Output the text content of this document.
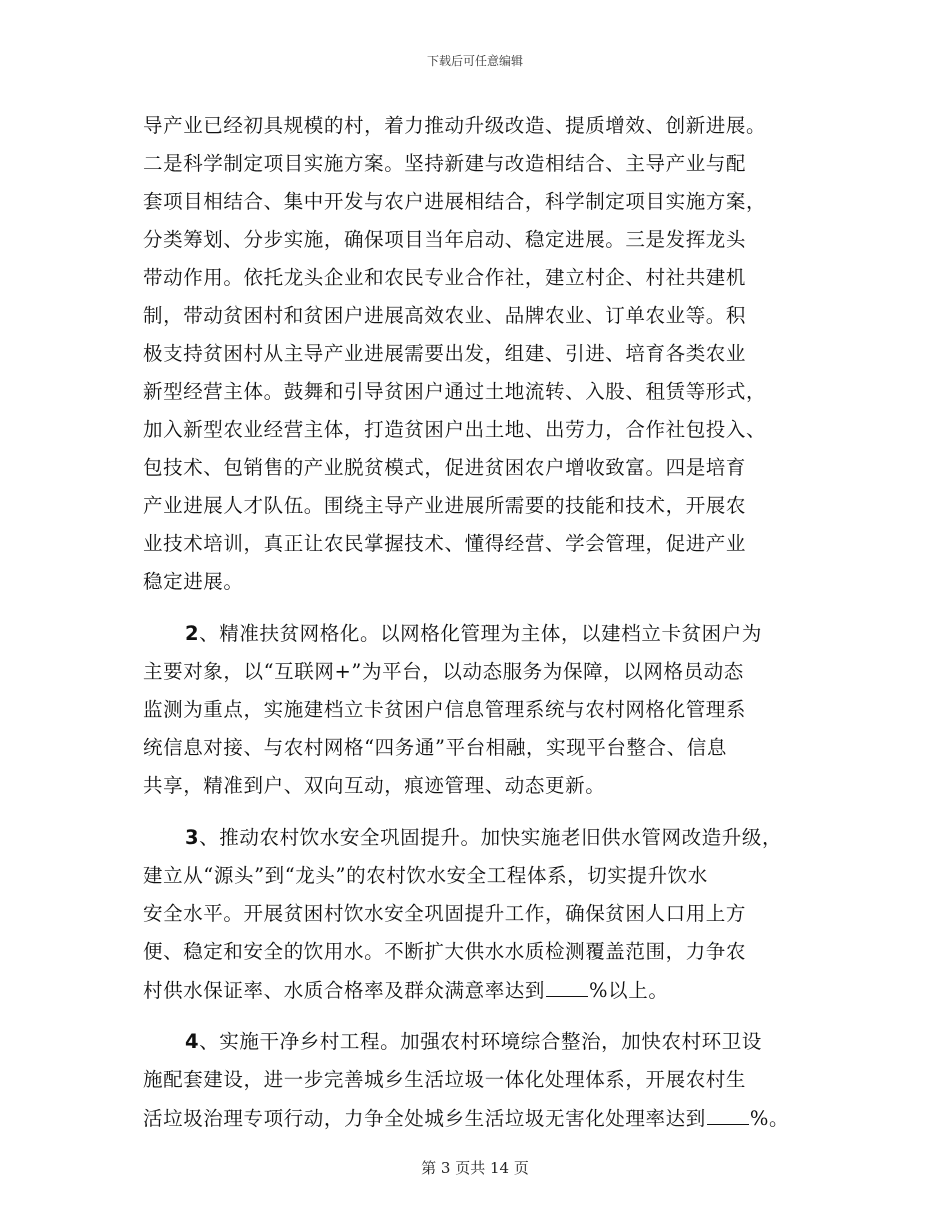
下载后可任意编辑
导产业已经初具规模的村，着力推动升级改造、提质增效、创新进展。
二是科学制定项目实施方案。坚持新建与改造相结合、主导产业与配
套项目相结合、集中开发与农户进展相结合，科学制定项目实施方案，
分类筹划、分步实施，确保项目当年启动、稳定进展。三是发挥龙头
带动作用。依托龙头企业和农民专业合作社，建立村企、村社共建机
制，带动贫困村和贫困户进展高效农业、品牌农业、订单农业等。积
极支持贫困村从主导产业进展需要出发，组建、引进、培育各类农业
新型经营主体。鼓舞和引导贫困户通过土地流转、入股、租赁等形式，
加入新型农业经营主体，打造贫困户出土地、出劳力，合作社包投入、
包技术、包销售的产业脱贫模式，促进贫困农户增收致富。四是培育
产业进展人才队伍。围绕主导产业进展所需要的技能和技术，开展农
业技术培训，真正让农民掌握技术、懂得经营、学会管理，促进产业
稳定进展。
2、精准扶贫网格化。以网格化管理为主体，以建档立卡贫困户为
主要对象，以“互联网+”为平台，以动态服务为保障，以网格员动态
监测为重点，实施建档立卡贫困户信息管理系统与农村网格化管理系
统信息对接、与农村网格“四务通”平台相融，实现平台整合、信息
共享，精准到户、双向互动，痕迹管理、动态更新。
3、推动农村饮水安全巩固提升。加快实施老旧供水管网改造升级，
建立从“源头”到“龙头”的农村饮水安全工程体系，切实提升饮水
安全水平。开展贫困村饮水安全巩固提升工作，确保贫困人口用上方
便、稳定和安全的饮用水。不断扩大供水水质检测覆盖范围，力争农
村供水保证率、水质合格率及群众满意率达到 %以上。
4、实施干净乡村工程。加强农村环境综合整治，加快农村环卫设
施配套建设，进一步完善城乡生活垃圾一体化处理体系，开展农村生
活垃圾治理专项行动，力争全处城乡生活垃圾无害化处理率达到 %。
第 3 页共 14 页
